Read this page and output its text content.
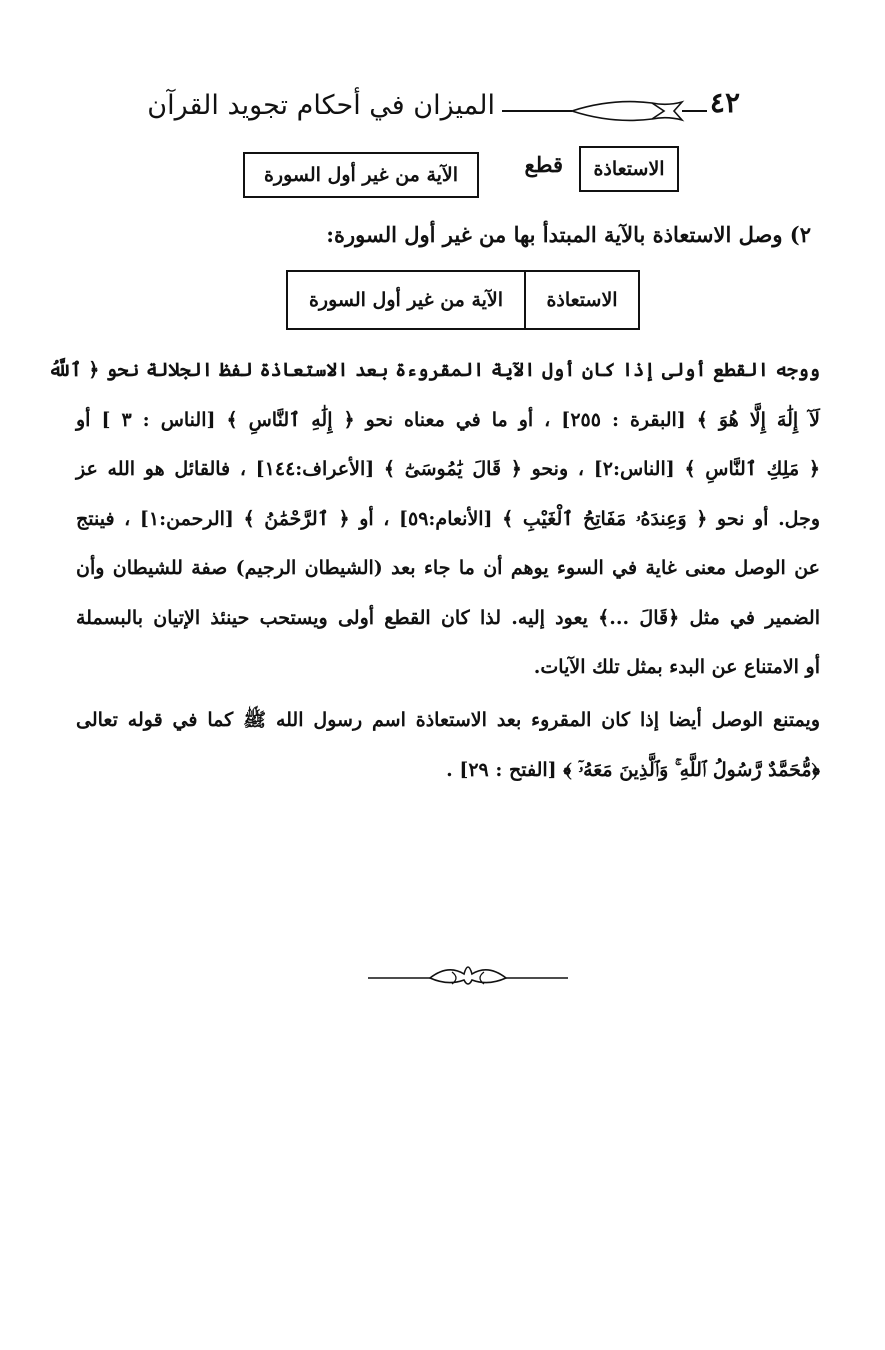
الميزان في أحكام تجويد القرآن	٤٢
الاستعاذة
قطع
الآية من غير أول السورة
٢) وصل الاستعاذة بالآية المبتدأ بها من غير أول السورة:
الاستعاذة
الآية من غير أول السورة
ووجه القطع أولى إذا كان أول الآية المقروءة بعد الاستعاذة لفظ الجلالة نحو ﴿ ٱللَّهُ
لَآ إِلَٰهَ إِلَّا هُوَ ﴾ [البقرة : ٢٥٥] ، أو ما في معناه نحو ﴿ إِلَٰهِ ٱلنَّاسِ ﴾ [الناس : ٣ ] أو
﴿ مَلِكِ ٱلنَّاسِ ﴾ [الناس:٢] ، ونحو ﴿ قَالَ يَٰمُوسَىٰٓ ﴾ [الأعراف:١٤٤] ، فالقائل هو الله عز
وجل. أو نحو ﴿ وَعِندَهُۥ مَفَاتِحُ ٱلْغَيْبِ ﴾ [الأنعام:٥٩] ، أو ﴿ ٱلرَّحْمَٰنُ ﴾ [الرحمن:١] ، فينتج
عن الوصل معنى غاية في السوء يوهم أن ما جاء بعد (الشيطان الرجيم) صفة للشيطان وأن
الضمير في مثل ﴿قَالَ ...﴾ يعود إليه. لذا كان القطع أولى ويستحب حينئذ الإتيان بالبسملة
أو الامتناع عن البدء بمثل تلك الآيات.
ويمتنع الوصل أيضا إذا كان المقروء بعد الاستعاذة اسم رسول الله ﷺ كما في قوله تعالى
﴿مُّحَمَّدٌ رَّسُولُ ٱللَّهِ ۚ وَٱلَّذِينَ مَعَهُۥٓ ﴾ [الفتح : ٢٩] .
